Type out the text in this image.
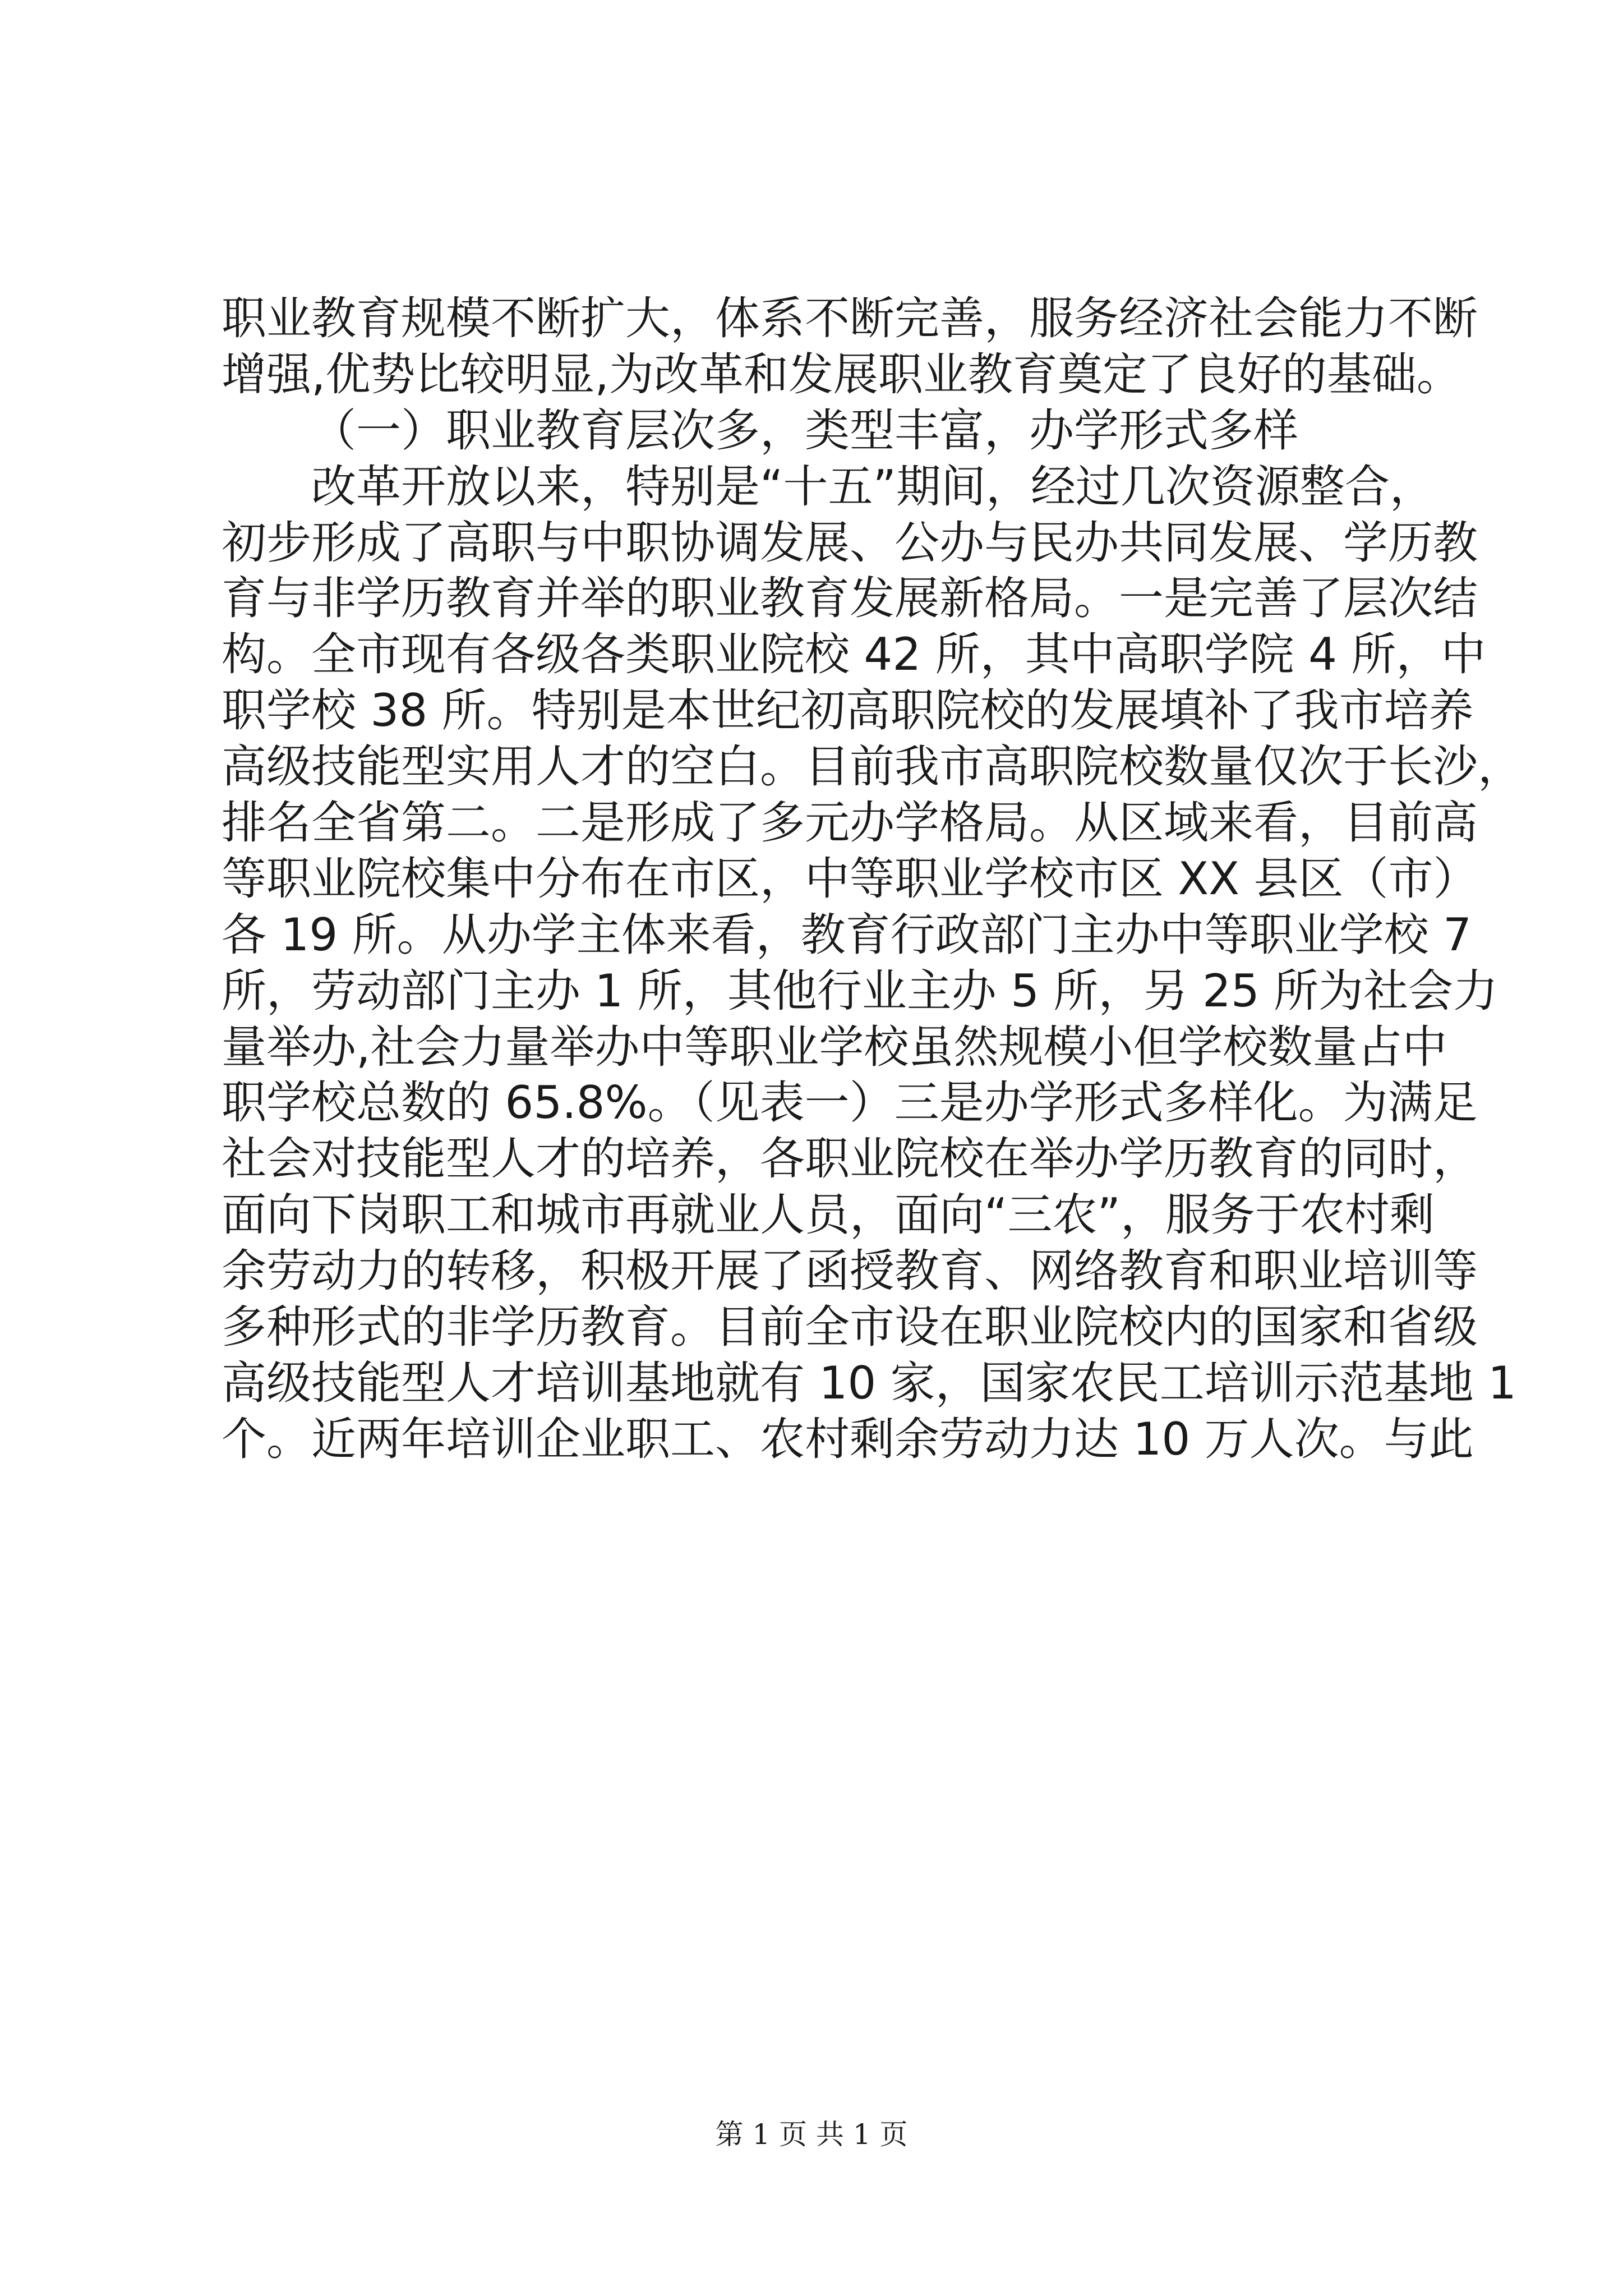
职业教育规模不断扩大，体系不断完善，服务经济社会能力不断
增强,优势比较明显,为改革和发展职业教育奠定了良好的基础。
（一）职业教育层次多，类型丰富，办学形式多样
改革开放以来，特别是“十五”期间，经过几次资源整合，
初步形成了高职与中职协调发展、公办与民办共同发展、学历教
育与非学历教育并举的职业教育发展新格局。一是完善了层次结
构。全市现有各级各类职业院校 42 所，其中高职学院 4 所，中
职学校 38 所。特别是本世纪初高职院校的发展填补了我市培养
高级技能型实用人才的空白。目前我市高职院校数量仅次于长沙，
排名全省第二。二是形成了多元办学格局。从区域来看，目前高
等职业院校集中分布在市区，中等职业学校市区 XX 县区（市）
各 19 所。从办学主体来看，教育行政部门主办中等职业学校 7
所，劳动部门主办 1 所，其他行业主办 5 所，另 25 所为社会力
量举办,社会力量举办中等职业学校虽然规模小但学校数量占中
职学校总数的 65.8%。（见表一）三是办学形式多样化。为满足
社会对技能型人才的培养，各职业院校在举办学历教育的同时，
面向下岗职工和城市再就业人员，面向“三农”，服务于农村剩
余劳动力的转移，积极开展了函授教育、网络教育和职业培训等
多种形式的非学历教育。目前全市设在职业院校内的国家和省级
高级技能型人才培训基地就有 10 家，国家农民工培训示范基地 1
个。近两年培训企业职工、农村剩余劳动力达 10 万人次。与此
第 1 页 共 1 页
